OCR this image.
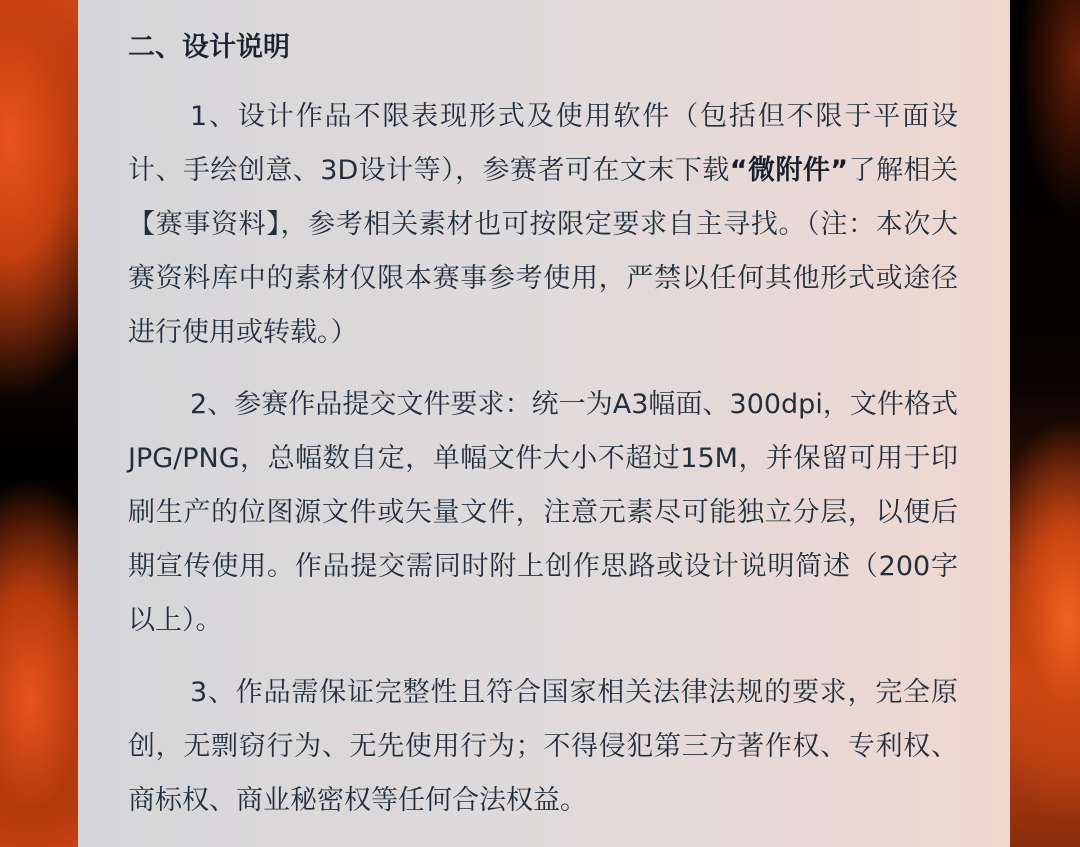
二、设计说明

1、设计作品不限表现形式及使用软件（包括但不限于平面设计、手绘创意、3D设计等），参赛者可在文末下载“微附件”了解相关【赛事资料】，参考相关素材也可按限定要求自主寻找。（注：本次大赛资料库中的素材仅限本赛事参考使用，严禁以任何其他形式或途径进行使用或转载。）

2、参赛作品提交文件要求：统一为A3幅面、300dpi，文件格式JPG/PNG，总幅数自定，单幅文件大小不超过15M，并保留可用于印刷生产的位图源文件或矢量文件，注意元素尽可能独立分层，以便后期宣传使用。作品提交需同时附上创作思路或设计说明简述（200字以上）。

3、作品需保证完整性且符合国家相关法律法规的要求，完全原创，无剽窃行为、无先使用行为；不得侵犯第三方著作权、专利权、商标权、商业秘密权等任何合法权益。
